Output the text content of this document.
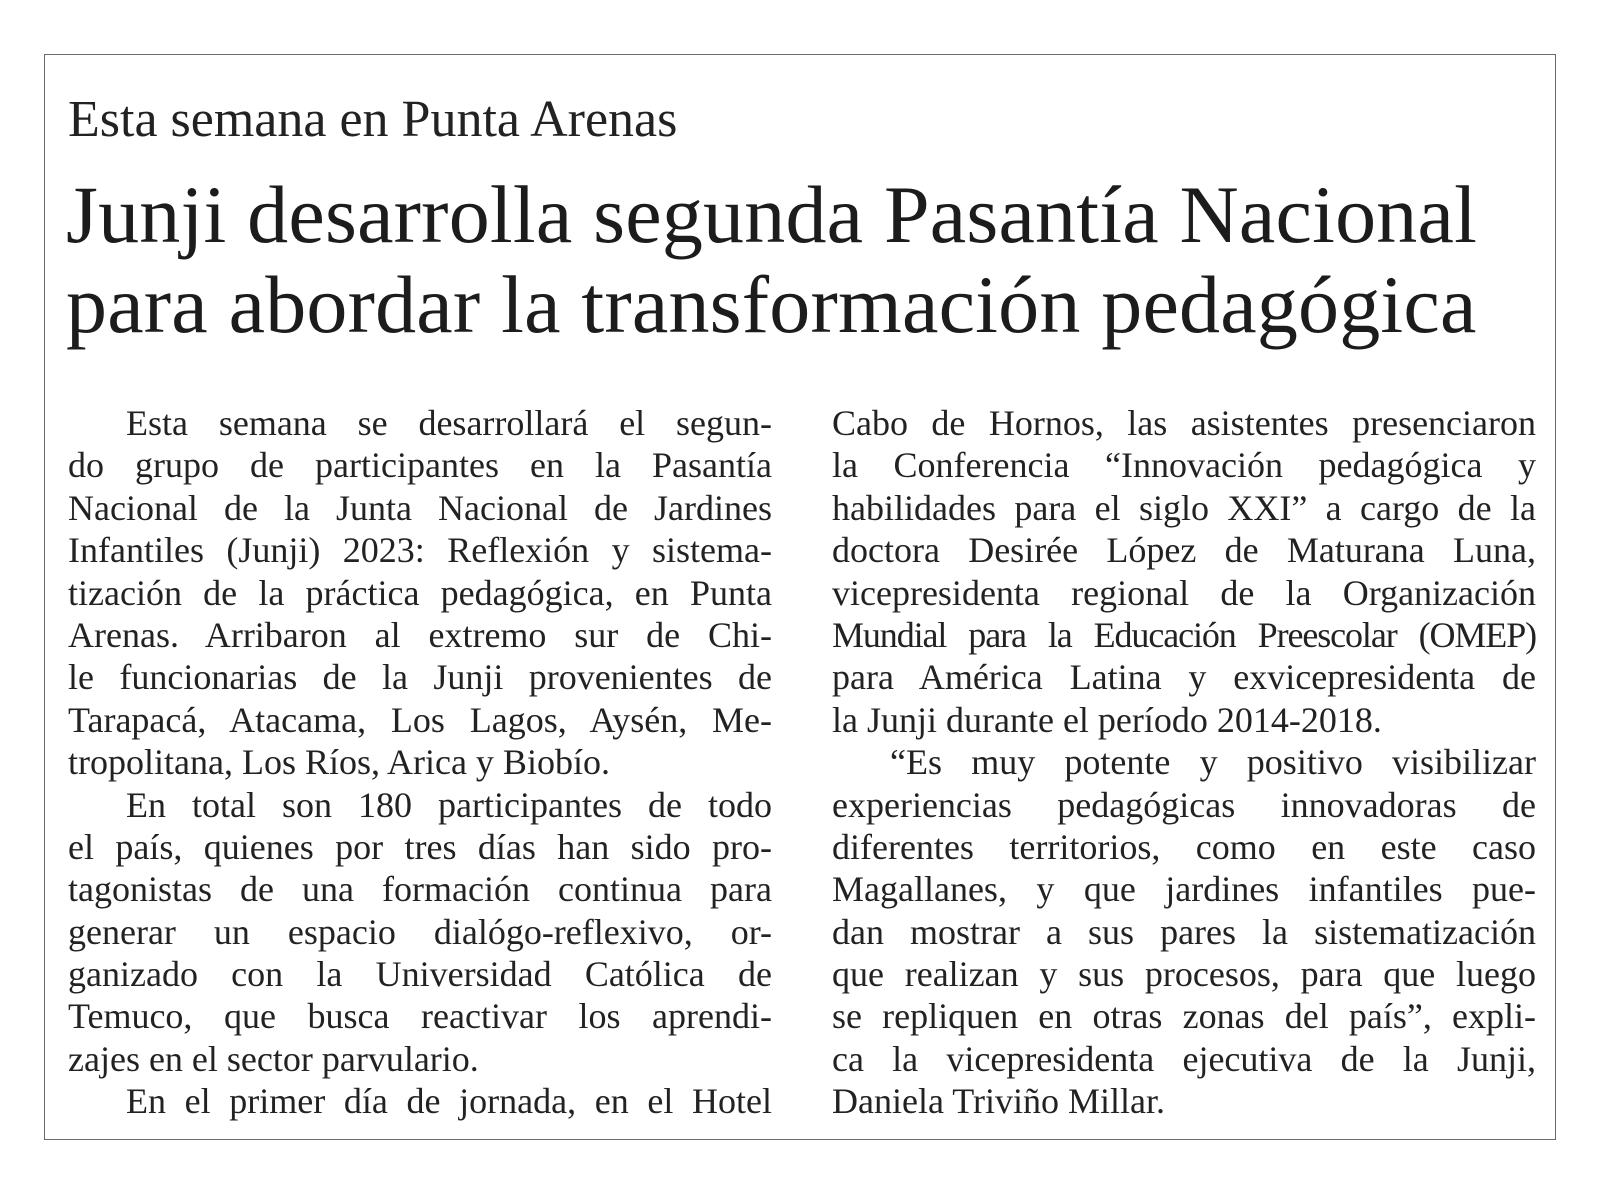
Esta semana en Punta Arenas
Junji desarrolla segunda Pasantía Nacional
para abordar la transformación pedagógica
Esta semana se desarrollará el segun-
do grupo de participantes en la Pasantía
Nacional de la Junta Nacional de Jardines
Infantiles (Junji) 2023: Reflexión y sistema-
tización de la práctica pedagógica, en Punta
Arenas. Arribaron al extremo sur de Chi-
le funcionarias de la Junji provenientes de
Tarapacá, Atacama, Los Lagos, Aysén, Me-
tropolitana, Los Ríos, Arica y Biobío.
En total son 180 participantes de todo
el país, quienes por tres días han sido pro-
tagonistas de una formación continua para
generar un espacio dialógo-reflexivo, or-
ganizado con la Universidad Católica de
Temuco, que busca reactivar los aprendi-
zajes en el sector parvulario.
En el primer día de jornada, en el Hotel
Cabo de Hornos, las asistentes presenciaron
la Conferencia “Innovación pedagógica y
habilidades para el siglo XXI” a cargo de la
doctora Desirée López de Maturana Luna,
vicepresidenta regional de la Organización
Mundial para la Educación Preescolar (OMEP)
para América Latina y exvicepresidenta de
la Junji durante el período 2014-2018.
“Es muy potente y positivo visibilizar
experiencias pedagógicas innovadoras de
diferentes territorios, como en este caso
Magallanes, y que jardines infantiles pue-
dan mostrar a sus pares la sistematización
que realizan y sus procesos, para que luego
se repliquen en otras zonas del país”, expli-
ca la vicepresidenta ejecutiva de la Junji,
Daniela Triviño Millar.
